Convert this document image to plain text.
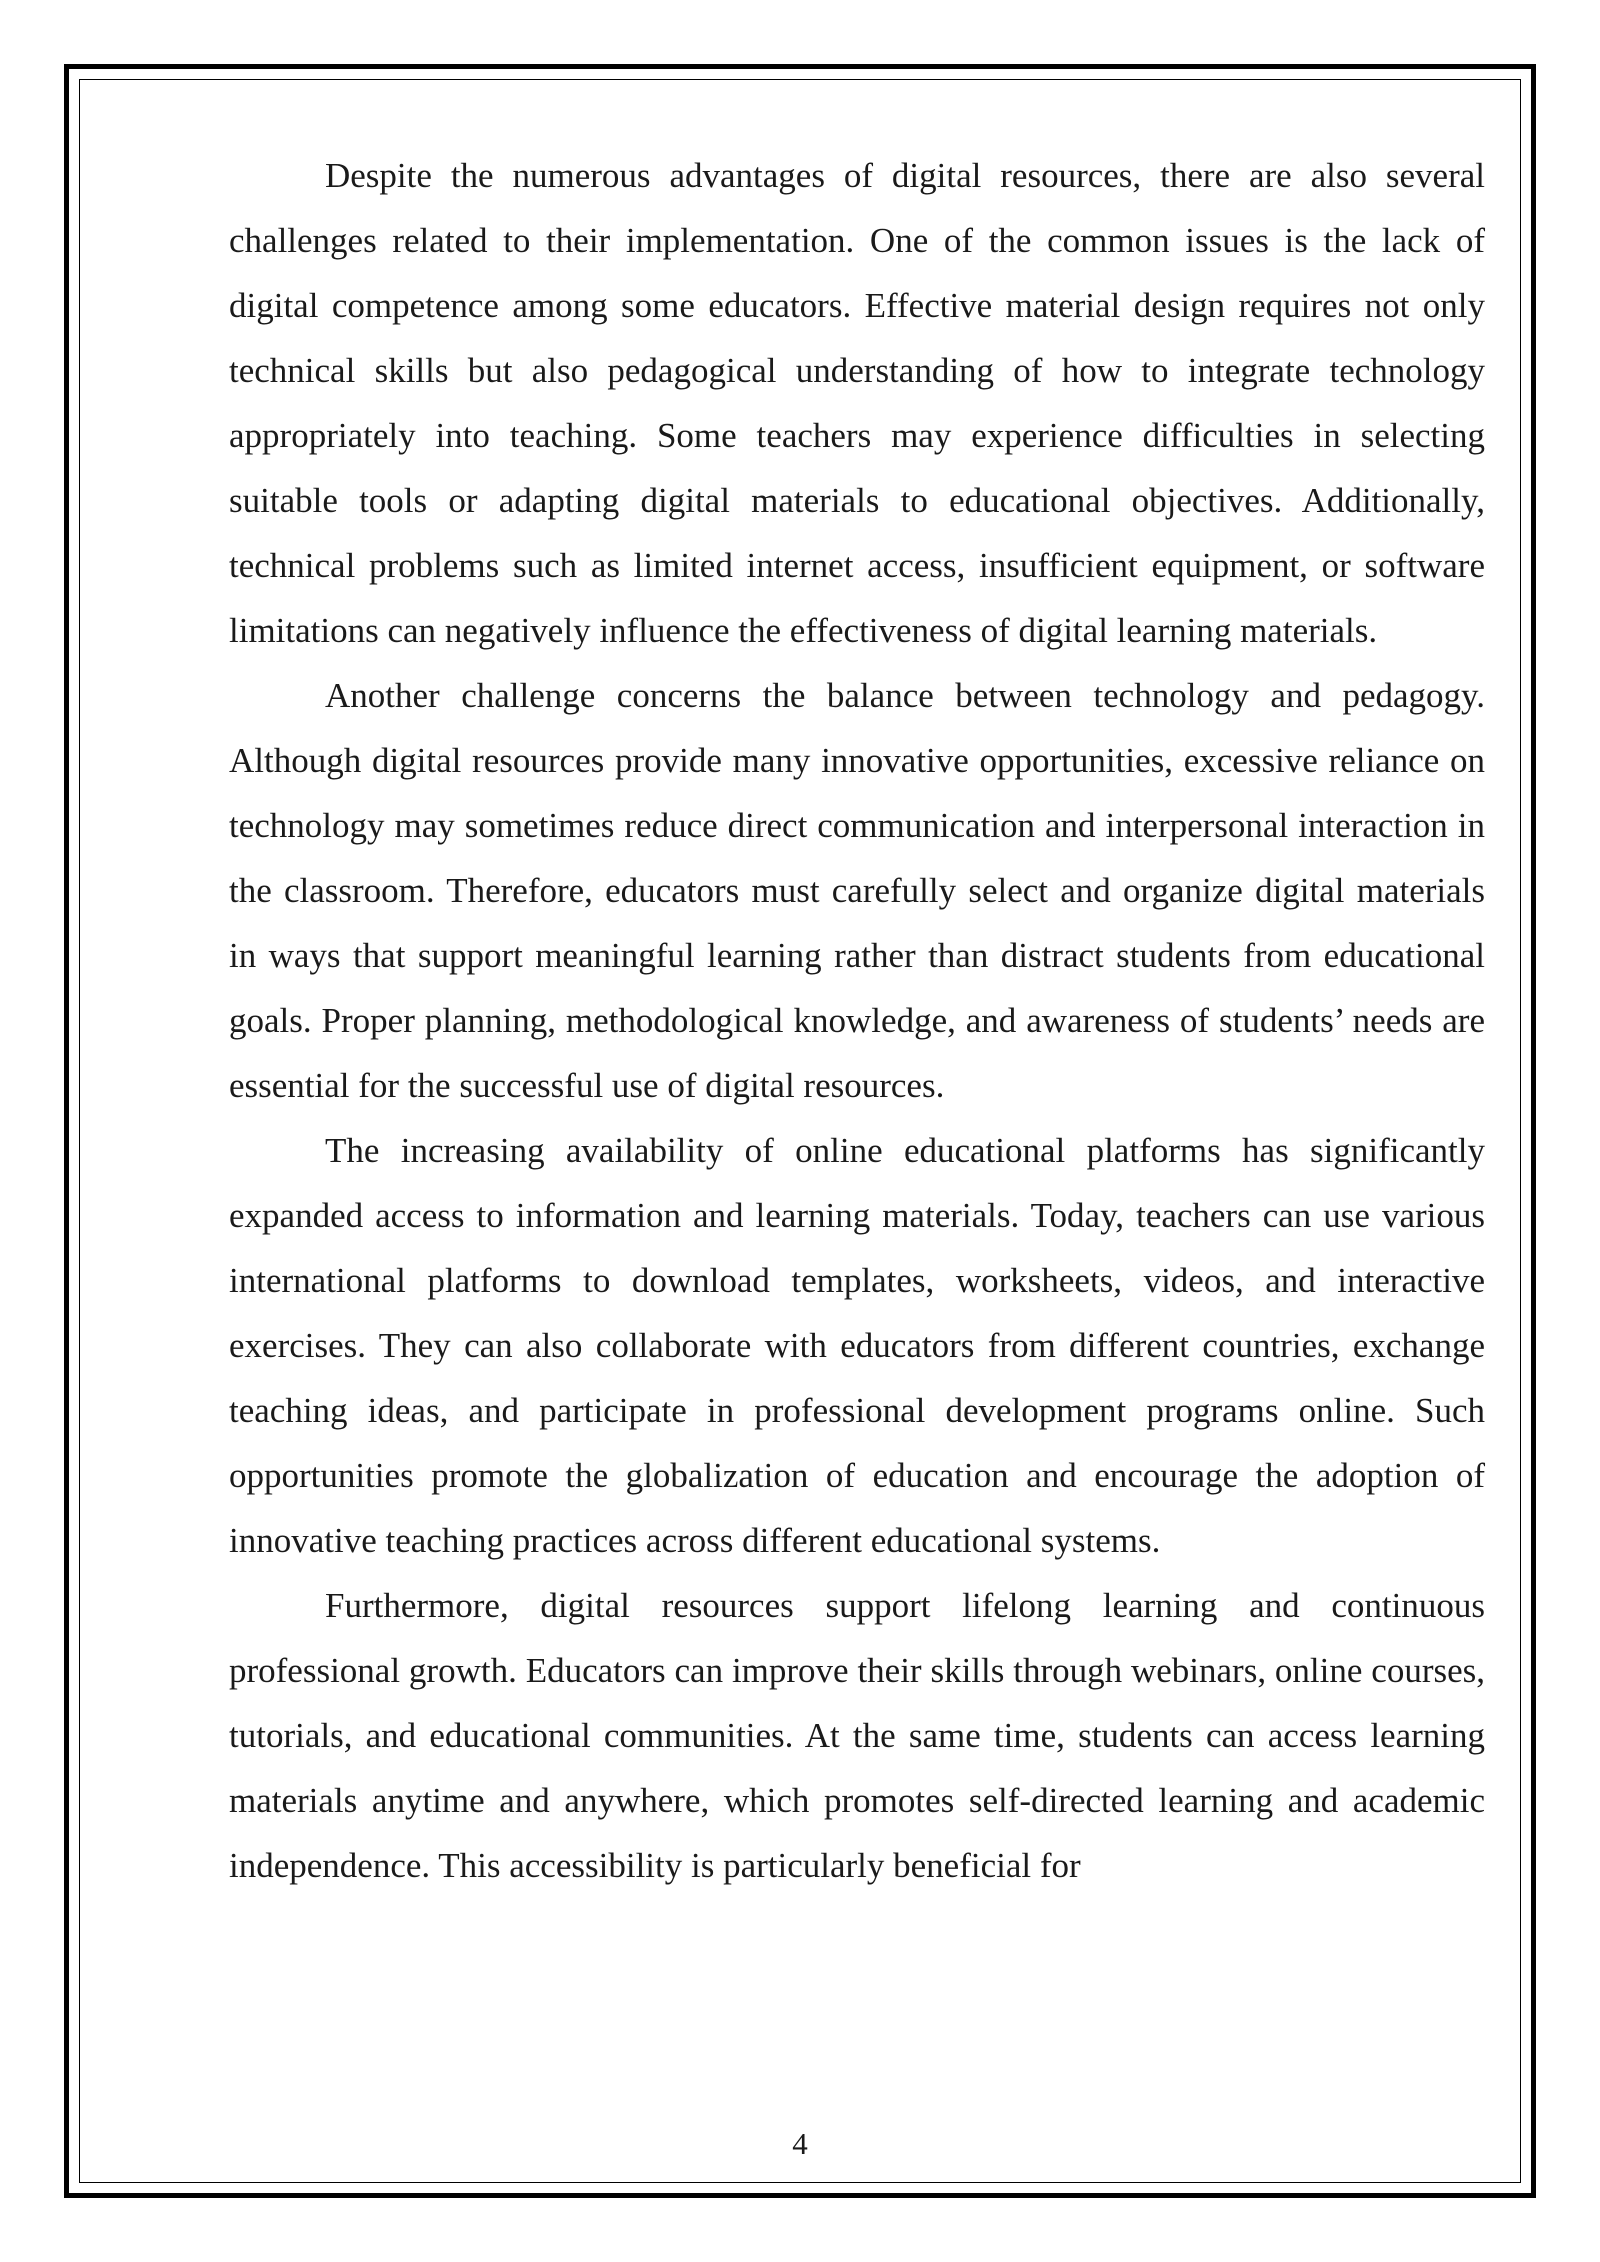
Despite the numerous advantages of digital resources, there are also several challenges related to their implementation. One of the common issues is the lack of digital competence among some educators. Effective material design requires not only technical skills but also pedagogical understanding of how to integrate technology appropriately into teaching. Some teachers may experience difficulties in selecting suitable tools or adapting digital materials to educational objectives. Additionally, technical problems such as limited internet access, insufficient equipment, or software limitations can negatively influence the effectiveness of digital learning materials.

Another challenge concerns the balance between technology and pedagogy. Although digital resources provide many innovative opportunities, excessive reliance on technology may sometimes reduce direct communication and interpersonal interaction in the classroom. Therefore, educators must carefully select and organize digital materials in ways that support meaningful learning rather than distract students from educational goals. Proper planning, methodological knowledge, and awareness of students’ needs are essential for the successful use of digital resources.

The increasing availability of online educational platforms has significantly expanded access to information and learning materials. Today, teachers can use various international platforms to download templates, worksheets, videos, and interactive exercises. They can also collaborate with educators from different countries, exchange teaching ideas, and participate in professional development programs online. Such opportunities promote the globalization of education and encourage the adoption of innovative teaching practices across different educational systems.

Furthermore, digital resources support lifelong learning and continuous professional growth. Educators can improve their skills through webinars, online courses, tutorials, and educational communities. At the same time, students can access learning materials anytime and anywhere, which promotes self-directed learning and academic independence. This accessibility is particularly beneficial for

4
